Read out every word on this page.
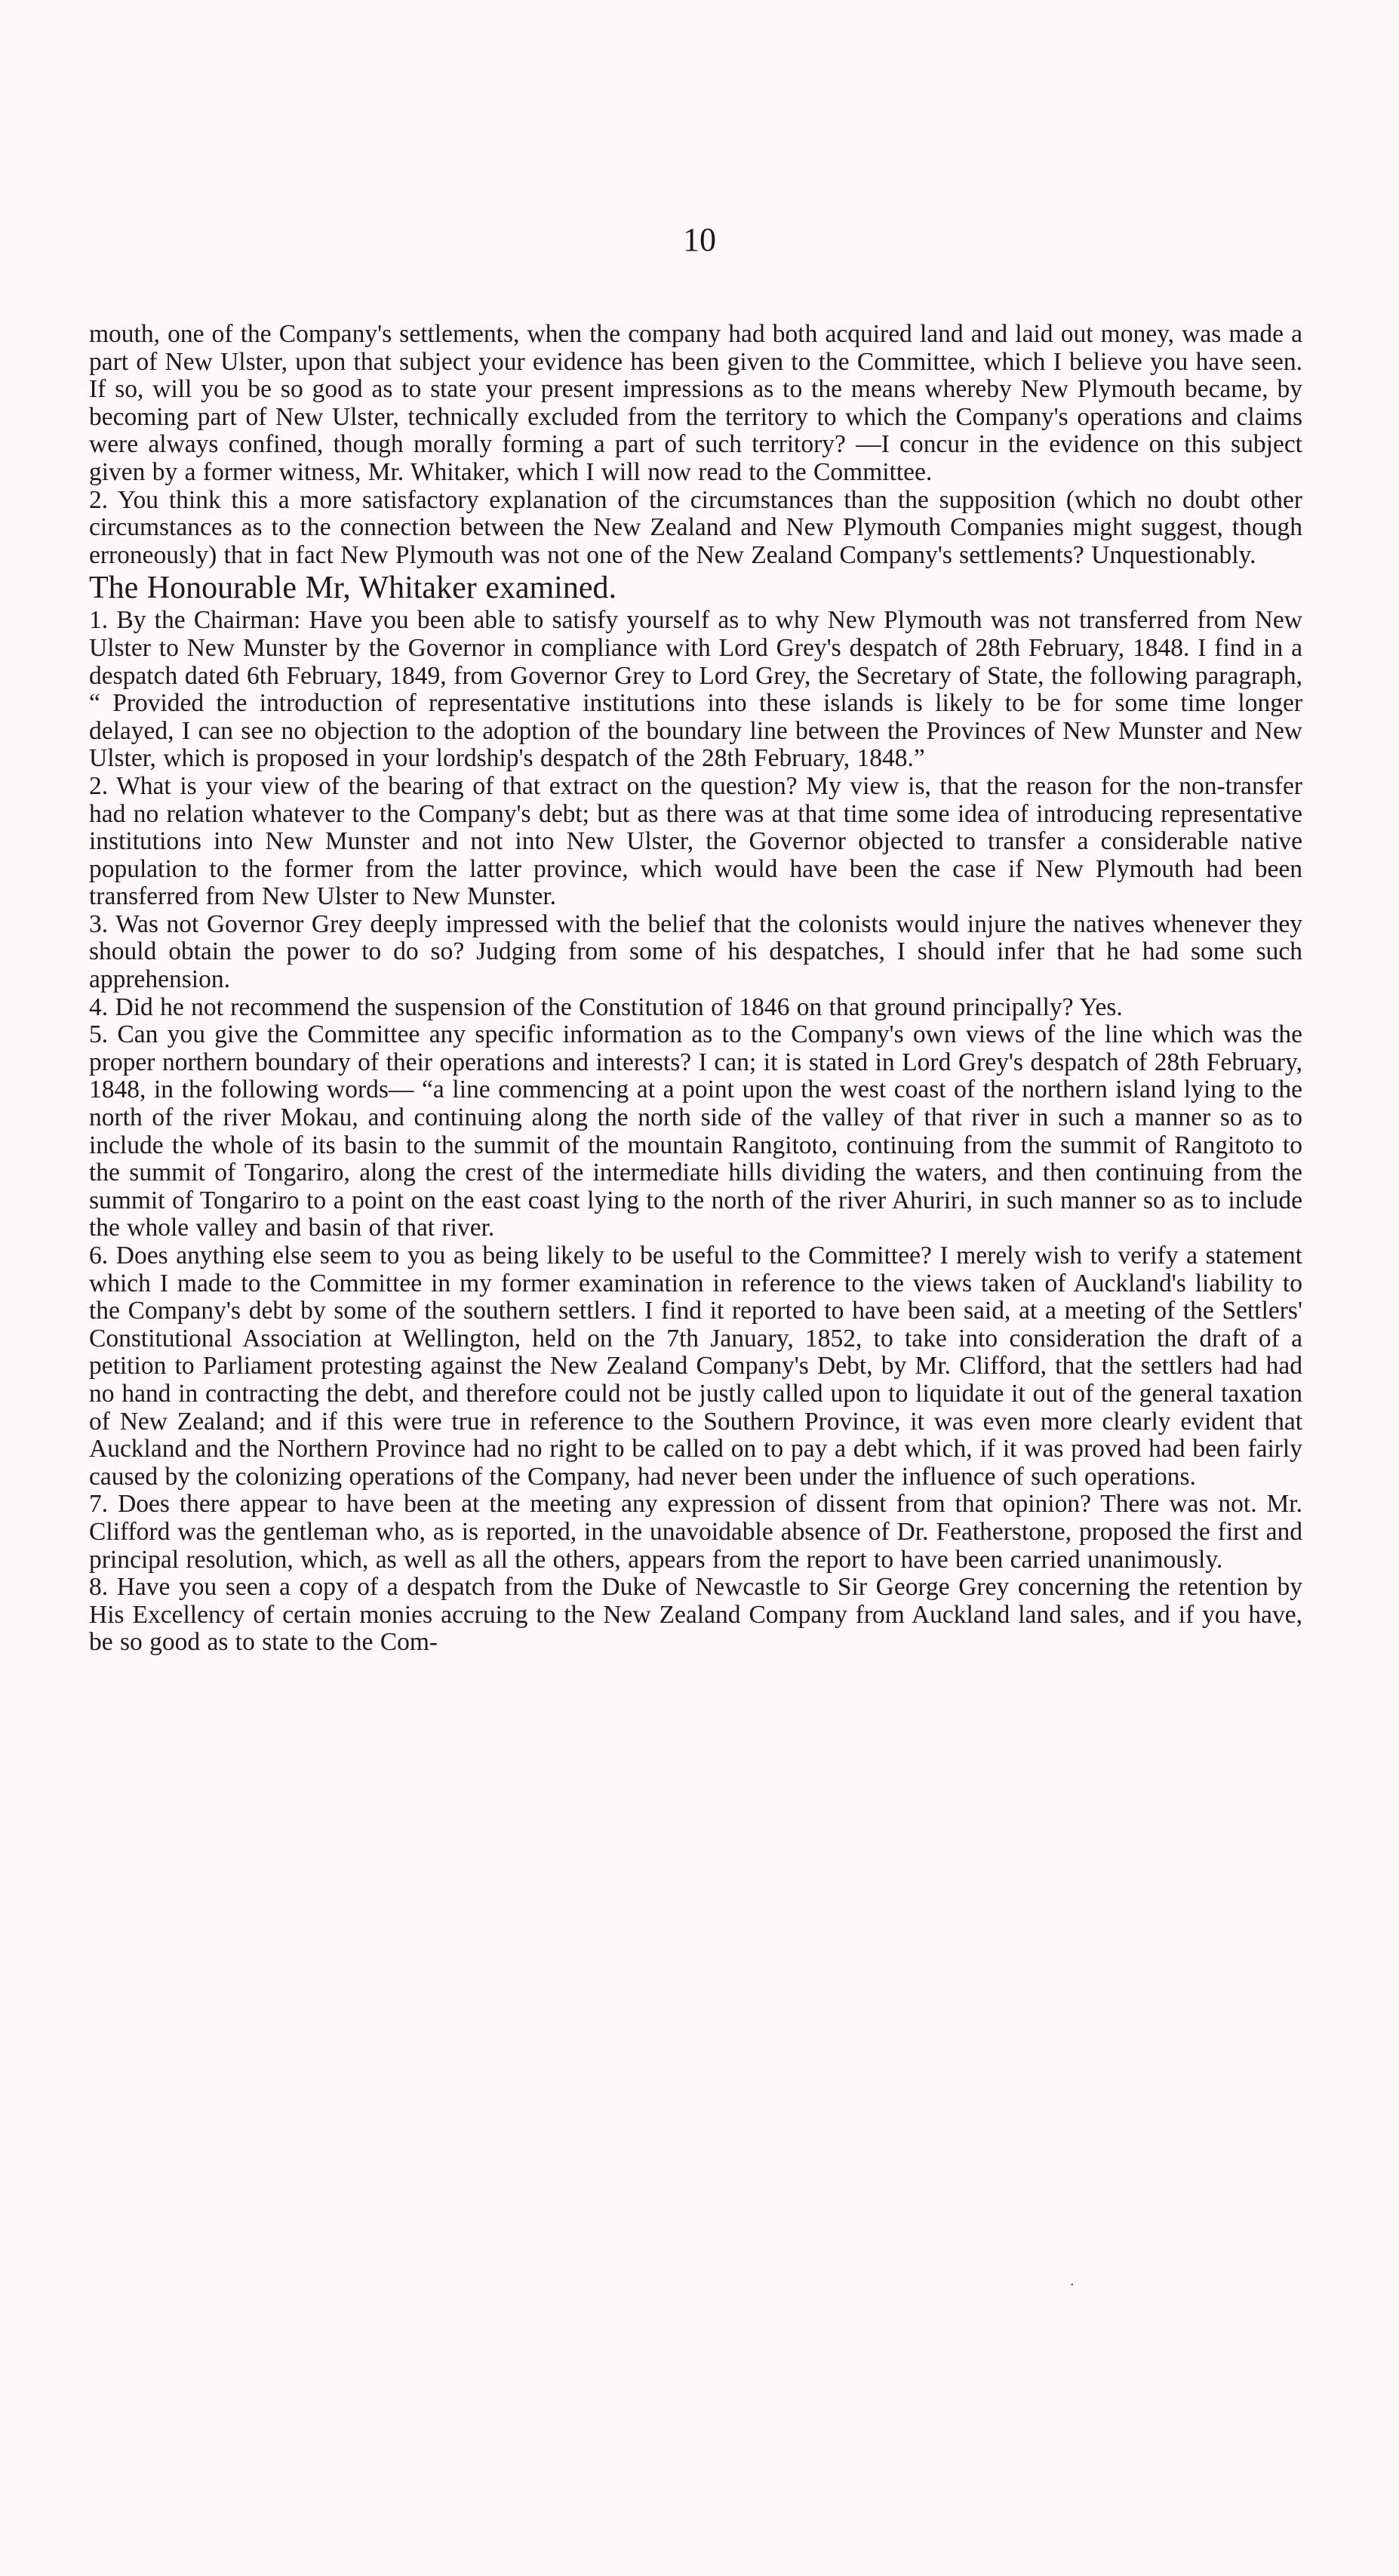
10

mouth, one of the Company's settlements, when the company had both acquired land and laid out money, was made a part of New Ulster, upon that subject your evidence has been given to the Committee, which I believe you have seen. If so, will you be so good as to state your present impressions as to the means whereby New Plymouth became, by becoming part of New Ulster, technically excluded from the territory to which the Company's operations and claims were always confined, though morally forming a part of such territory? —I concur in the evidence on this subject given by a former witness, Mr. Whitaker, which I will now read to the Committee.

2. You think this a more satisfactory explanation of the circumstances than the supposition (which no doubt other circumstances as to the connection between the New Zealand and New Plymouth Companies might suggest, though erroneously) that in fact New Plymouth was not one of the New Zealand Company's settlements? Unquestionably.

The Honourable Mr, Whitaker examined.

1. By the Chairman: Have you been able to satisfy yourself as to why New Plymouth was not transferred from New Ulster to New Munster by the Governor in compliance with Lord Grey's despatch of 28th February, 1848. I find in a despatch dated 6th February, 1849, from Governor Grey to Lord Grey, the Secretary of State, the following paragraph, “ Provided the introduction of representative institutions into these islands is likely to be for some time longer delayed, I can see no objection to the adoption of the boundary line between the Provinces of New Munster and New Ulster, which is proposed in your lordship's despatch of the 28th February, 1848.”

2. What is your view of the bearing of that extract on the question? My view is, that the reason for the non-transfer had no relation whatever to the Company's debt; but as there was at that time some idea of introducing representative institutions into New Munster and not into New Ulster, the Governor objected to transfer a considerable native population to the former from the latter province, which would have been the case if New Plymouth had been transferred from New Ulster to New Munster.

3. Was not Governor Grey deeply impressed with the belief that the colonists would injure the natives whenever they should obtain the power to do so? Judging from some of his despatches, I should infer that he had some such apprehension.

4. Did he not recommend the suspension of the Constitution of 1846 on that ground principally? Yes.

5. Can you give the Committee any specific information as to the Company's own views of the line which was the proper northern boundary of their operations and interests? I can; it is stated in Lord Grey's despatch of 28th February, 1848, in the following words— “a line commencing at a point upon the west coast of the northern island lying to the north of the river Mokau, and continuing along the north side of the valley of that river in such a manner so as to include the whole of its basin to the summit of the mountain Rangitoto, continuing from the summit of Rangitoto to the summit of Tongariro, along the crest of the intermediate hills dividing the waters, and then continuing from the summit of Tongariro to a point on the east coast lying to the north of the river Ahuriri, in such manner so as to include the whole valley and basin of that river.

6. Does anything else seem to you as being likely to be useful to the Committee? I merely wish to verify a statement which I made to the Committee in my former examination in reference to the views taken of Auckland's liability to the Company's debt by some of the southern settlers. I find it reported to have been said, at a meeting of the Settlers' Constitutional Association at Wellington, held on the 7th January, 1852, to take into consideration the draft of a petition to Parliament protesting against the New Zealand Company's Debt, by Mr. Clifford, that the settlers had had no hand in contracting the debt, and therefore could not be justly called upon to liquidate it out of the general taxation of New Zealand; and if this were true in reference to the Southern Province, it was even more clearly evident that Auckland and the Northern Province had no right to be called on to pay a debt which, if it was proved had been fairly caused by the colonizing operations of the Company, had never been under the influence of such operations.

7. Does there appear to have been at the meeting any expression of dissent from that opinion? There was not. Mr. Clifford was the gentleman who, as is reported, in the unavoidable absence of Dr. Featherstone, proposed the first and principal resolution, which, as well as all the others, appears from the report to have been carried unanimously.

8. Have you seen a copy of a despatch from the Duke of Newcastle to Sir George Grey concerning the retention by His Excellency of certain monies accruing to the New Zealand Company from Auckland land sales, and if you have, be so good as to state to the Com-

.
